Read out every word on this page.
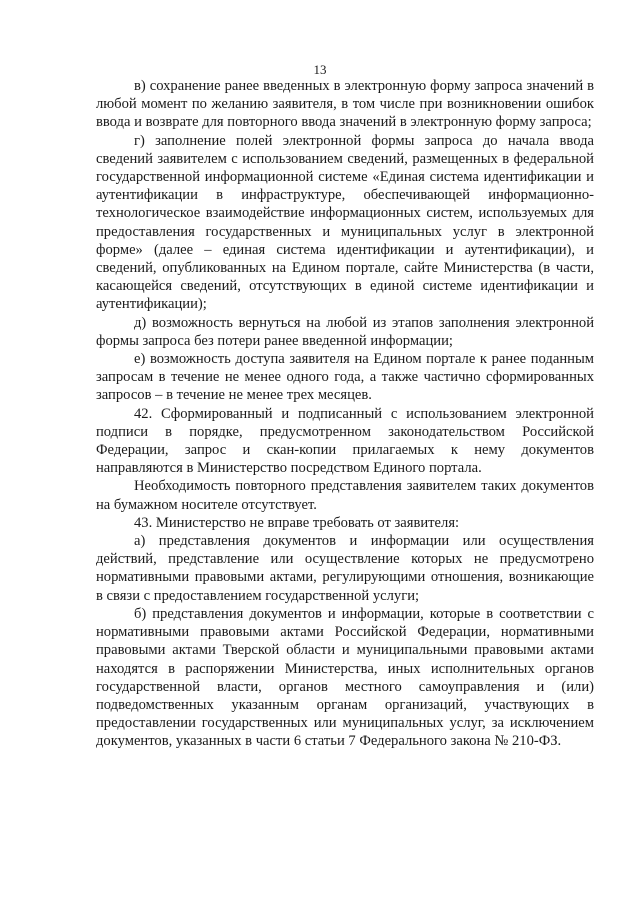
13

в) сохранение ранее введенных в электронную форму запроса значений в любой момент по желанию заявителя, в том числе при возникновении ошибок ввода и возврате для повторного ввода значений в электронную форму запроса;

г) заполнение полей электронной формы запроса до начала ввода сведений заявителем с использованием сведений, размещенных в федеральной государственной информационной системе «Единая система идентификации и аутентификации в инфраструктуре, обеспечивающей информационно-технологическое взаимодействие информационных систем, используемых для предоставления государственных и муниципальных услуг в электронной форме» (далее – единая система идентификации и аутентификации), и сведений, опубликованных на Едином портале, сайте Министерства (в части, касающейся сведений, отсутствующих в единой системе идентификации и аутентификации);

д) возможность вернуться на любой из этапов заполнения электронной формы запроса без потери ранее введенной информации;

е) возможность доступа заявителя на Едином портале к ранее поданным запросам в течение не менее одного года, а также частично сформированных запросов – в течение не менее трех месяцев.

42. Сформированный и подписанный с использованием электронной подписи в порядке, предусмотренном законодательством Российской Федерации, запрос и скан-копии прилагаемых к нему документов направляются в Министерство посредством Единого портала.

Необходимость повторного представления заявителем таких документов на бумажном носителе отсутствует.

43. Министерство не вправе требовать от заявителя:

а) представления документов и информации или осуществления действий, представление или осуществление которых не предусмотрено нормативными правовыми актами, регулирующими отношения, возникающие в связи с предоставлением государственной услуги;

б) представления документов и информации, которые в соответствии с нормативными правовыми актами Российской Федерации, нормативными правовыми актами Тверской области и муниципальными правовыми актами находятся в распоряжении Министерства, иных исполнительных органов государственной власти, органов местного самоуправления и (или) подведомственных указанным органам организаций, участвующих в предоставлении государственных или муниципальных услуг, за исключением документов, указанных в части 6 статьи 7 Федерального закона № 210-ФЗ.
